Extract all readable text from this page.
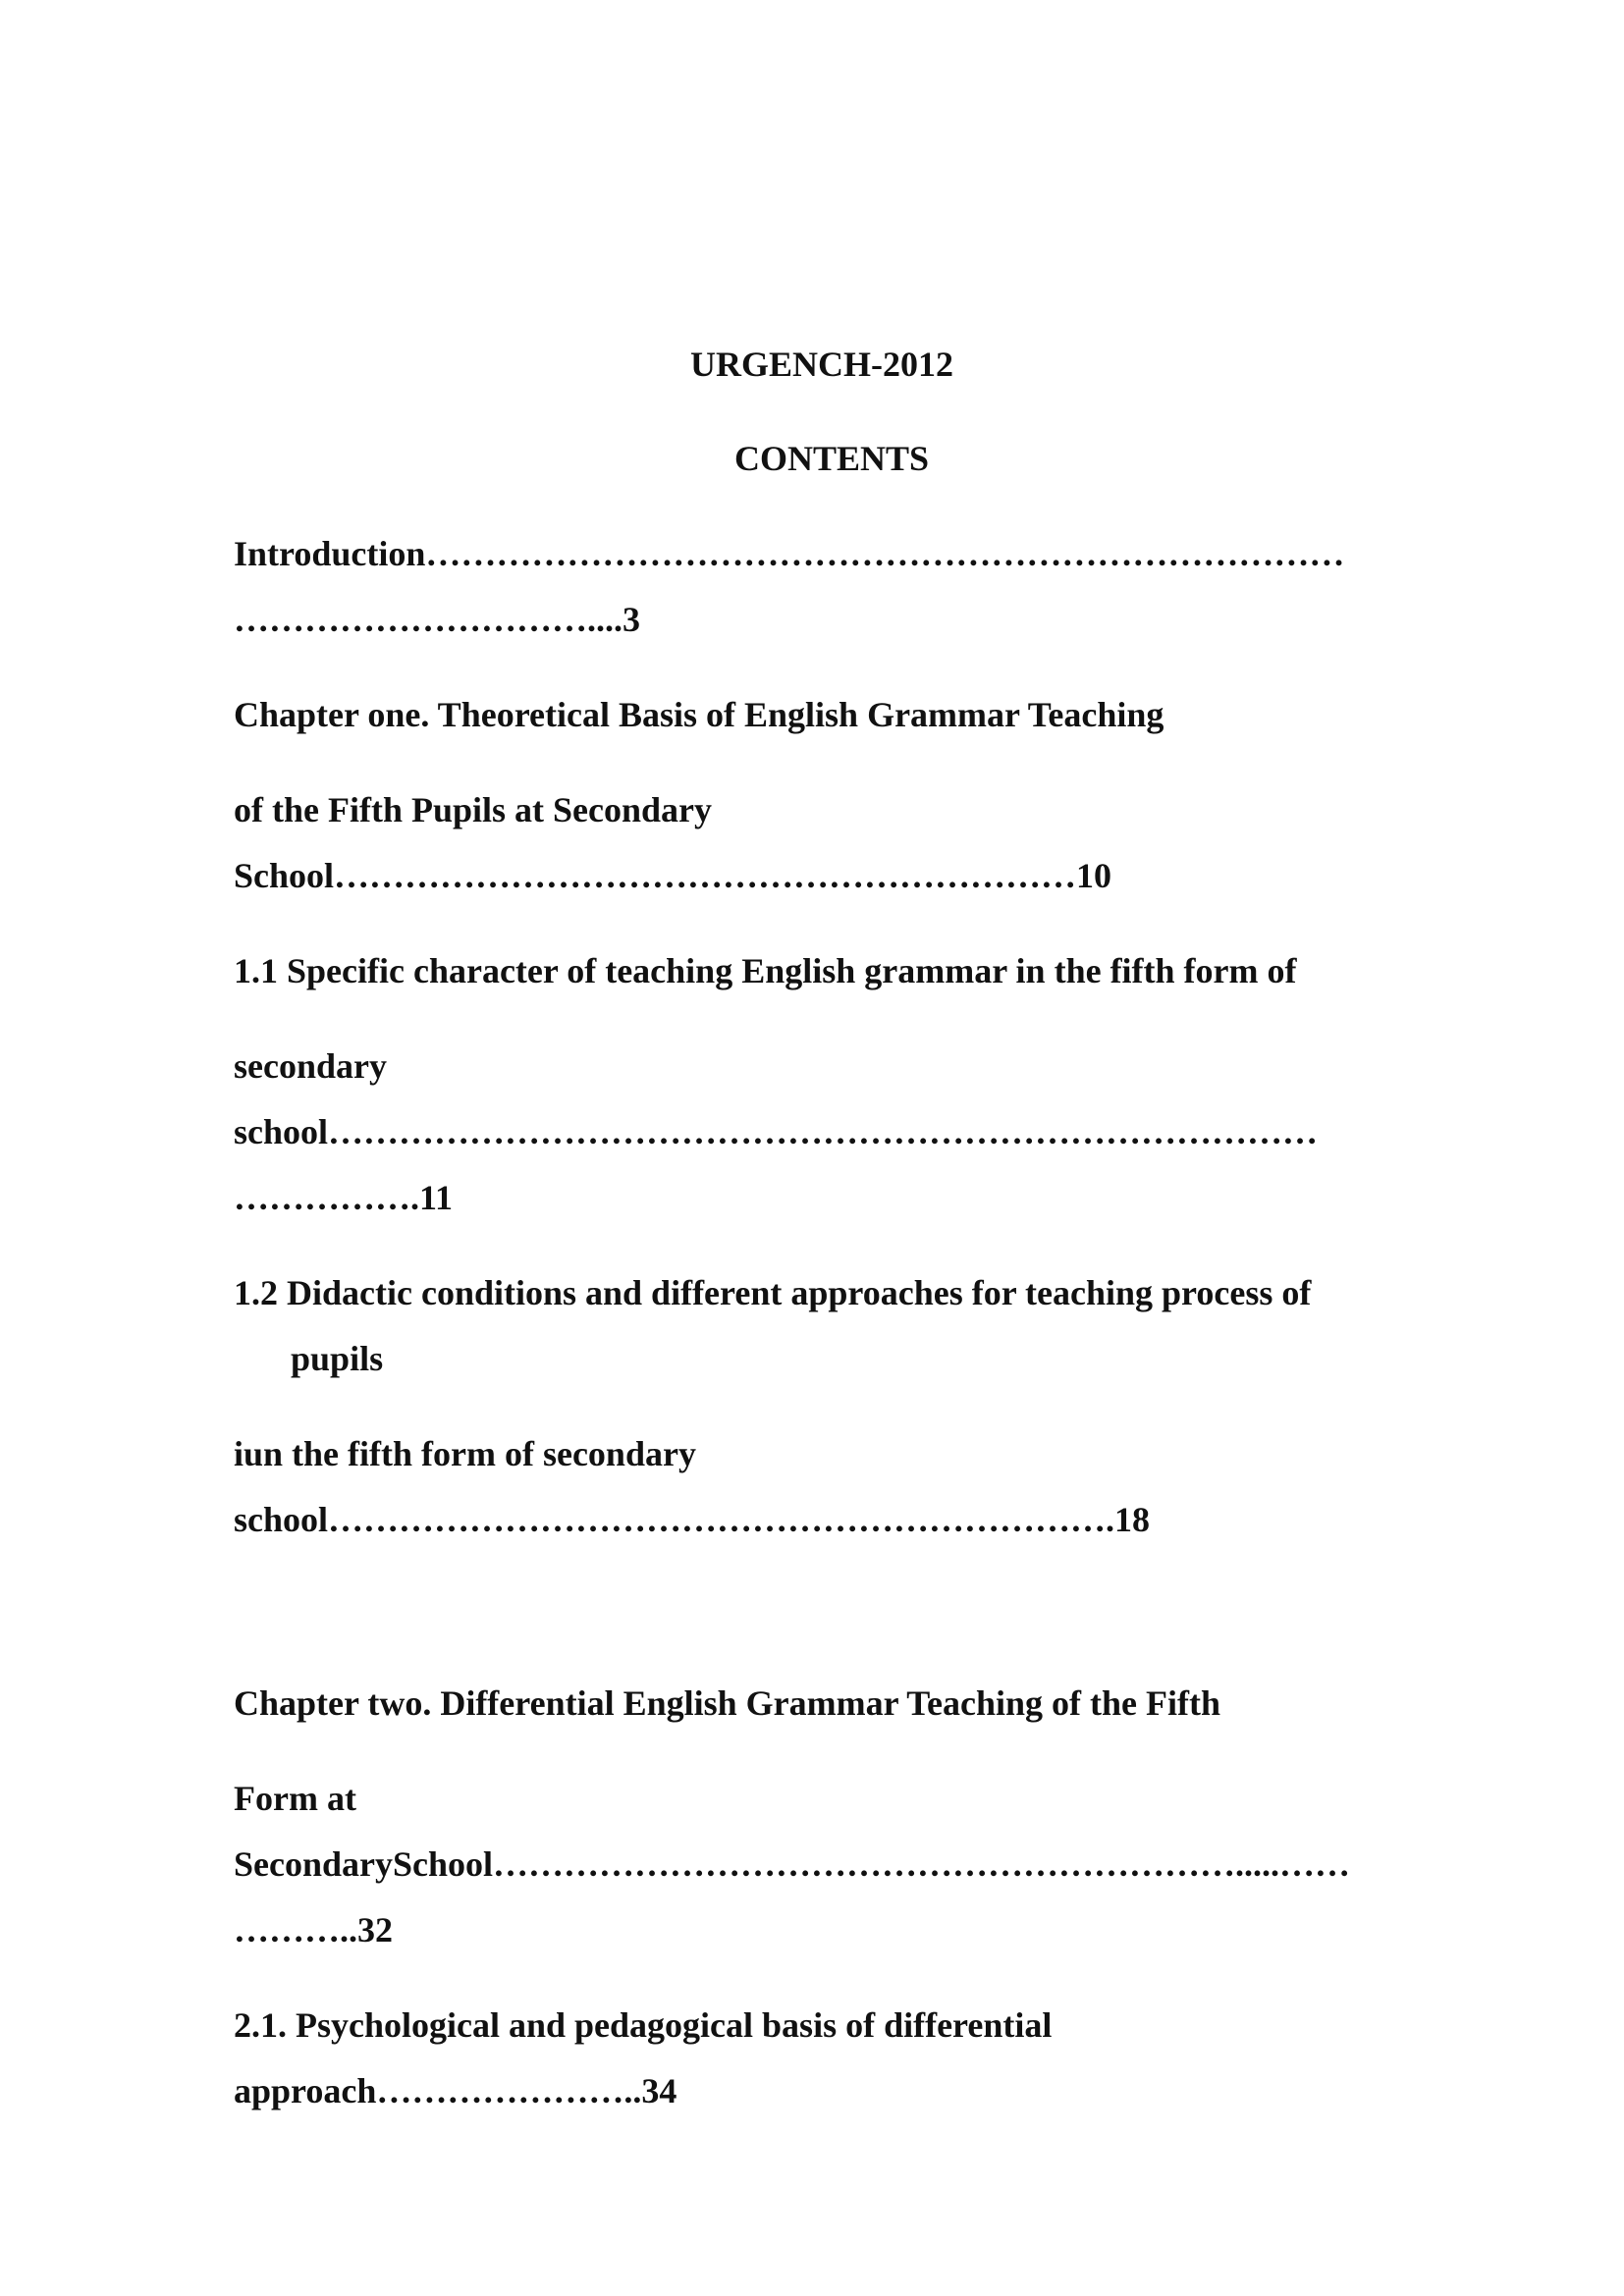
URGENCH-2012
CONTENTS
Introduction……………………………………………………………………
…………………………....3
Chapter one. Theoretical Basis of English Grammar Teaching
of the Fifth Pupils at Secondary
School………………………………………………………10
1.1 Specific character of teaching English grammar in the fifth form of
secondary
school…………………………………………………………………………
…………….11
1.2 Didactic conditions and different approaches for teaching process of
pupils
iun the fifth form of secondary
school………………………………………………………….18
Chapter two. Differential English Grammar Teaching of the Fifth
Form at
SecondarySchool……………………………………………………….....……
………..32
2.1. Psychological and pedagogical basis of differential
approach…………………..34
